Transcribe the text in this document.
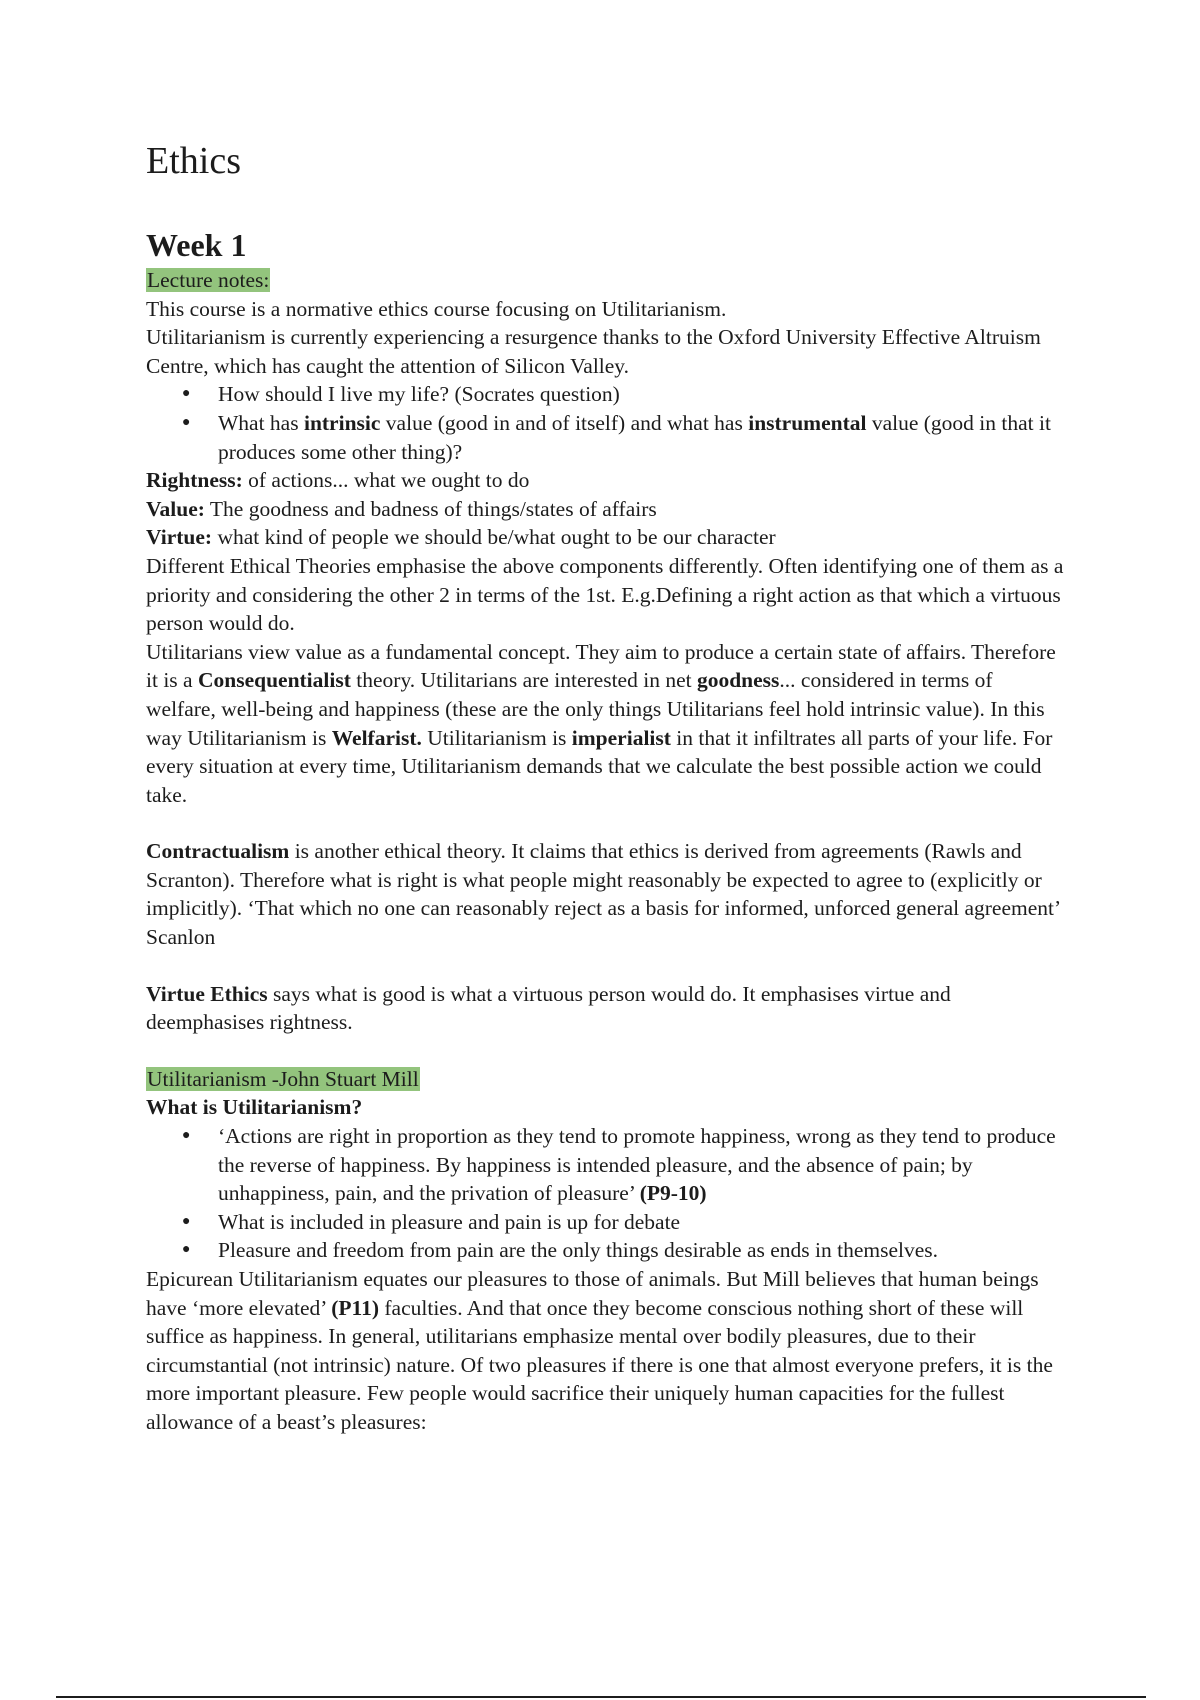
Ethics
Week 1
Lecture notes:

This course is a normative ethics course focusing on Utilitarianism.

Utilitarianism is currently experiencing a resurgence thanks to the Oxford University Effective Altruism Centre, which has caught the attention of Silicon Valley.

● How should I live my life? (Socrates question)
● What has intrinsic value (good in and of itself) and what has instrumental value (good in that it produces some other thing)?

Rightness: of actions... what we ought to do

Value: The goodness and badness of things/states of affairs

Virtue: what kind of people we should be/what ought to be our character

Different Ethical Theories emphasise the above components differently. Often identifying one of them as a priority and considering the other 2 in terms of the 1st. E.g.Defining a right action as that which a virtuous person would do.

Utilitarians view value as a fundamental concept. They aim to produce a certain state of affairs. Therefore it is a Consequentialist theory. Utilitarians are interested in net goodness... considered in terms of welfare, well-being and happiness (these are the only things Utilitarians feel hold intrinsic value). In this way Utilitarianism is Welfarist. Utilitarianism is imperialist in that it infiltrates all parts of your life. For every situation at every time, Utilitarianism demands that we calculate the best possible action we could take.

Contractualism is another ethical theory. It claims that ethics is derived from agreements (Rawls and Scranton). Therefore what is right is what people might reasonably be expected to agree to (explicitly or implicitly). ‘That which no one can reasonably reject as a basis for informed, unforced general agreement’ Scanlon

Virtue Ethics says what is good is what a virtuous person would do. It emphasises virtue and deemphasises rightness.

Utilitarianism -John Stuart Mill

What is Utilitarianism?

● ‘Actions are right in proportion as they tend to promote happiness, wrong as they tend to produce the reverse of happiness. By happiness is intended pleasure, and the absence of pain; by unhappiness, pain, and the privation of pleasure’ (P9-10)
● What is included in pleasure and pain is up for debate
● Pleasure and freedom from pain are the only things desirable as ends in themselves.

Epicurean Utilitarianism equates our pleasures to those of animals. But Mill believes that human beings have ‘more elevated’ (P11) faculties. And that once they become conscious nothing short of these will suffice as happiness. In general, utilitarians emphasize mental over bodily pleasures, due to their circumstantial (not intrinsic) nature. Of two pleasures if there is one that almost everyone prefers, it is the more important pleasure. Few people would sacrifice their uniquely human capacities for the fullest allowance of a beast’s pleasures:
